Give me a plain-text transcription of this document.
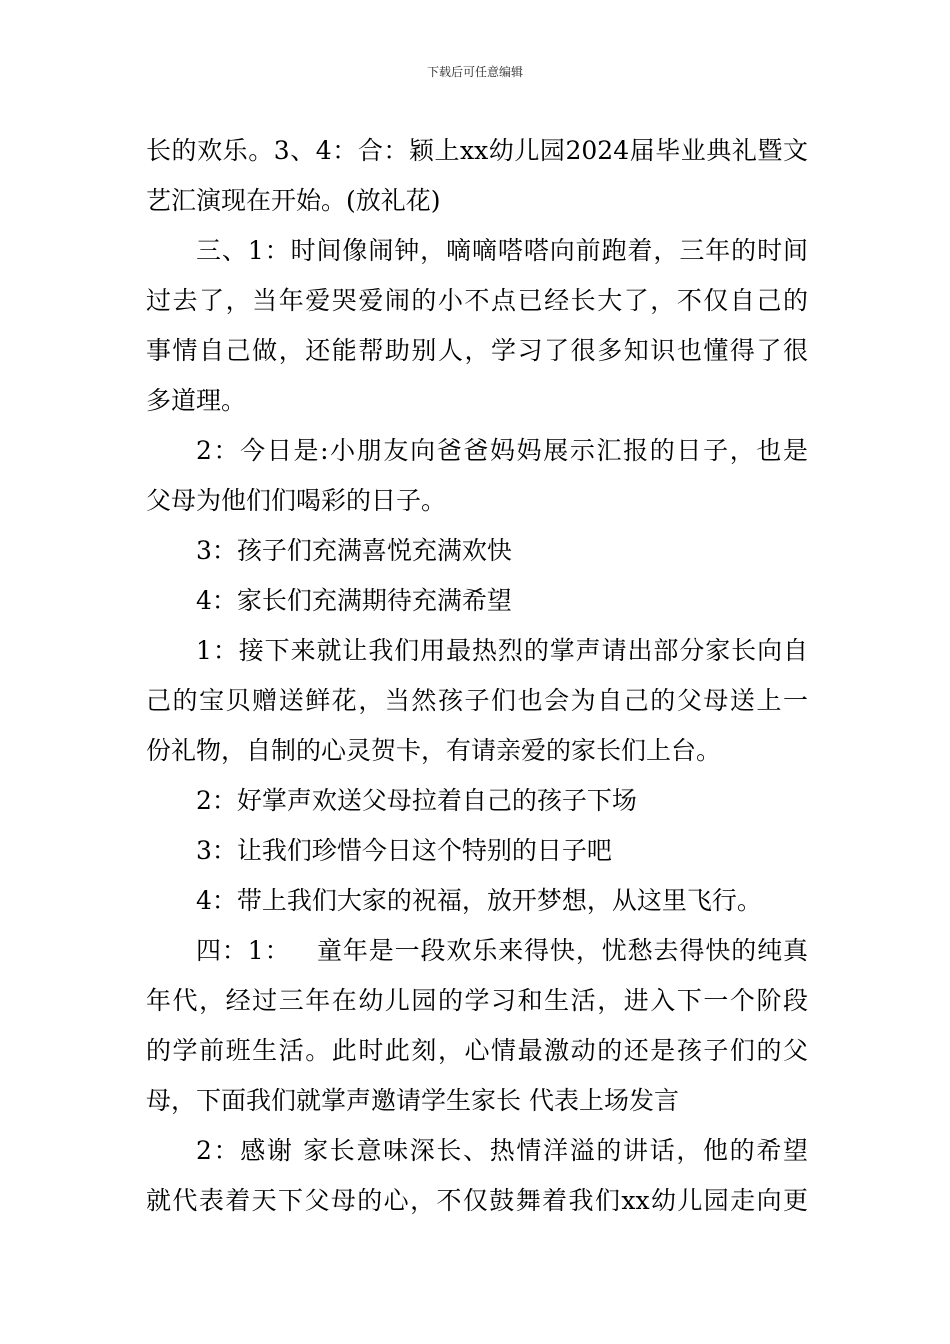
下载后可任意编辑
长的欢乐。3、4：合：颖上xx幼儿园2024届毕业典礼暨文
艺汇演现在开始。(放礼花)
三、1：时间像闹钟，嘀嘀嗒嗒向前跑着，三年的时间
过去了，当年爱哭爱闹的小不点已经长大了，不仅自己的
事情自己做，还能帮助别人，学习了很多知识也懂得了很
多道理。
2：今日是:小朋友向爸爸妈妈展示汇报的日子，也是
父母为他们们喝彩的日子。
3：孩子们充满喜悦充满欢快
4：家长们充满期待充满希望
1：接下来就让我们用最热烈的掌声请出部分家长向自
己的宝贝赠送鲜花，当然孩子们也会为自己的父母送上一
份礼物，自制的心灵贺卡，有请亲爱的家长们上台。
2：好掌声欢送父母拉着自己的孩子下场
3：让我们珍惜今日这个特别的日子吧
4：带上我们大家的祝福，放开梦想，从这里飞行。
四：1：   童年是一段欢乐来得快，忧愁去得快的纯真
年代，经过三年在幼儿园的学习和生活，进入下一个阶段
的学前班生活。此时此刻，心情最激动的还是孩子们的父
母，下面我们就掌声邀请学生家长 代表上场发言
2：感谢 家长意味深长、热情洋溢的讲话，他的希望
就代表着天下父母的心，不仅鼓舞着我们xx幼儿园走向更
